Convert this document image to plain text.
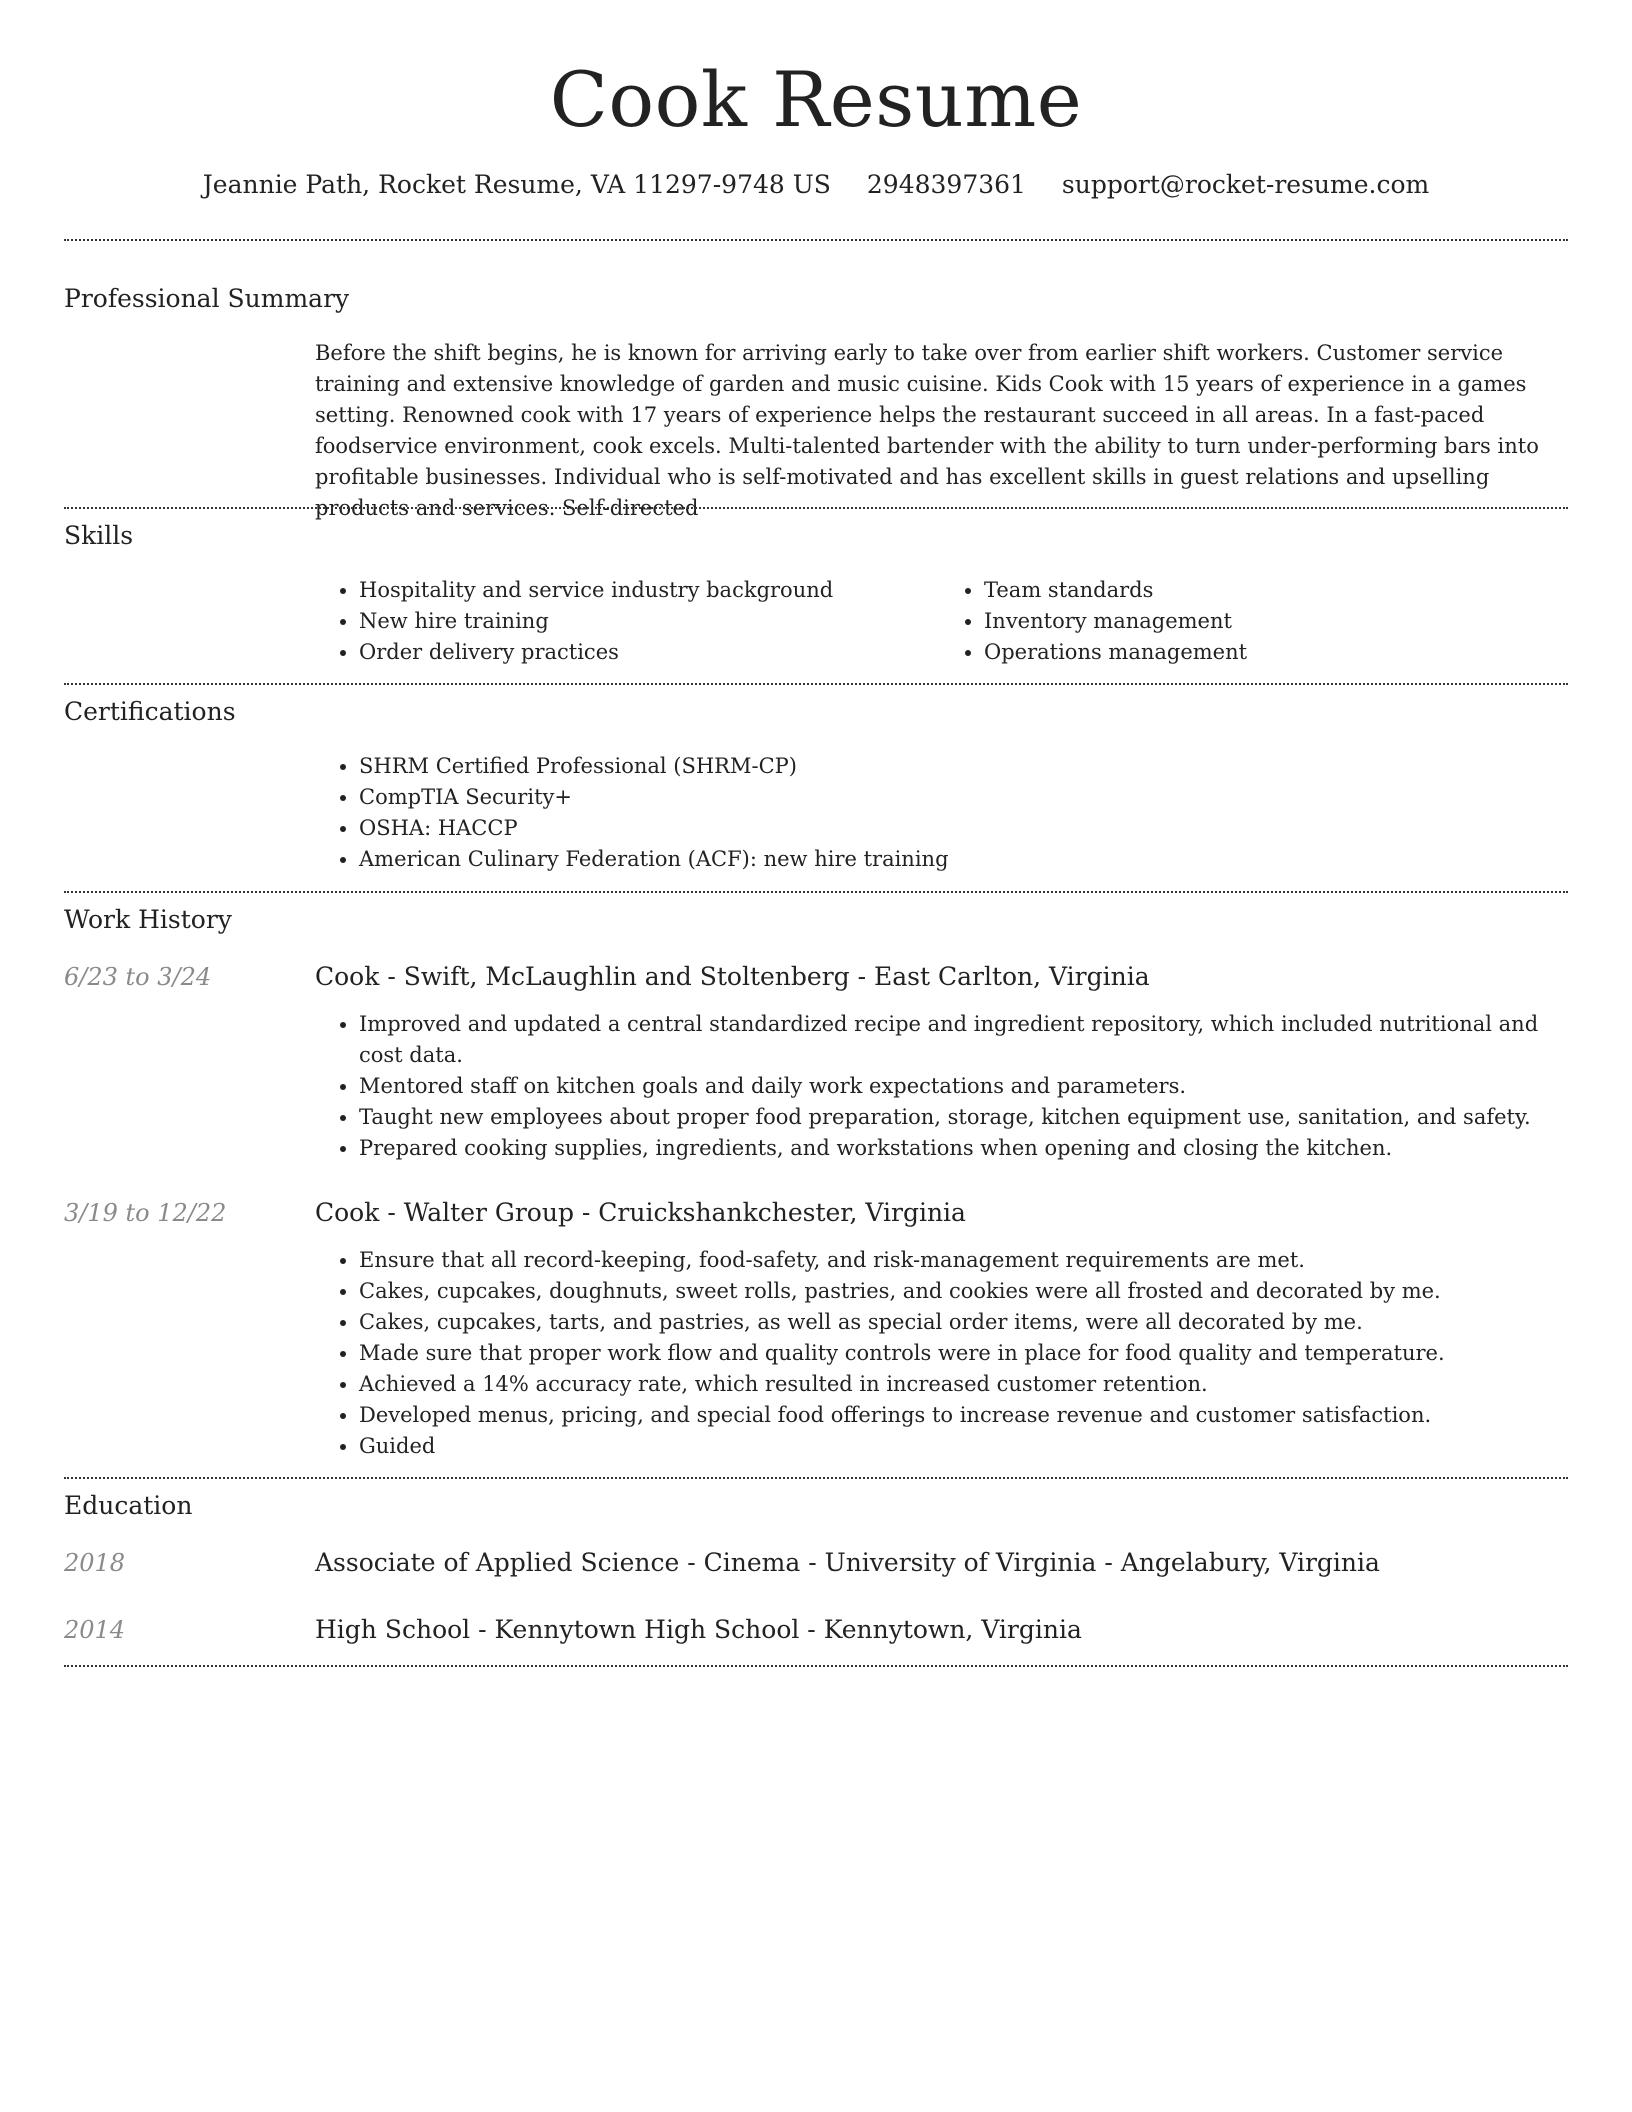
Cook Resume
Jeannie Path, Rocket Resume, VA 11297-9748 US 2948397361 support@rocket-resume.com
Professional Summary

Before the shift begins, he is known for arriving early to take over from earlier shift workers. Customer service training and extensive knowledge of garden and music cuisine. Kids Cook with 15 years of experience in a games setting. Renowned cook with 17 years of experience helps the restaurant succeed in all areas. In a fast-paced foodservice environment, cook excels. Multi-talented bartender with the ability to turn under-performing bars into profitable businesses. Individual who is self-motivated and has excellent skills in guest relations and upselling products and services. Self-directed

Skills
• Hospitality and service industry background
• New hire training
• Order delivery practices
• Team standards
• Inventory management
• Operations management
Certifications
• SHRM Certified Professional (SHRM-CP)
• CompTIA Security+
• OSHA: HACCP
• American Culinary Federation (ACF): new hire training
Work History
6/23 to 3/24	Cook - Swift, McLaughlin and Stoltenberg - East Carlton, Virginia
• Improved and updated a central standardized recipe and ingredient repository, which included nutritional and cost data.
• Mentored staff on kitchen goals and daily work expectations and parameters.
• Taught new employees about proper food preparation, storage, kitchen equipment use, sanitation, and safety.
• Prepared cooking supplies, ingredients, and workstations when opening and closing the kitchen.
3/19 to 12/22	Cook - Walter Group - Cruickshankchester, Virginia
• Ensure that all record-keeping, food-safety, and risk-management requirements are met.
• Cakes, cupcakes, doughnuts, sweet rolls, pastries, and cookies were all frosted and decorated by me.
• Cakes, cupcakes, tarts, and pastries, as well as special order items, were all decorated by me.
• Made sure that proper work flow and quality controls were in place for food quality and temperature.
• Achieved a 14% accuracy rate, which resulted in increased customer retention.
• Developed menus, pricing, and special food offerings to increase revenue and customer satisfaction.
• Guided
Education
2018	Associate of Applied Science - Cinema - University of Virginia - Angelabury, Virginia
2014	High School - Kennytown High School - Kennytown, Virginia
